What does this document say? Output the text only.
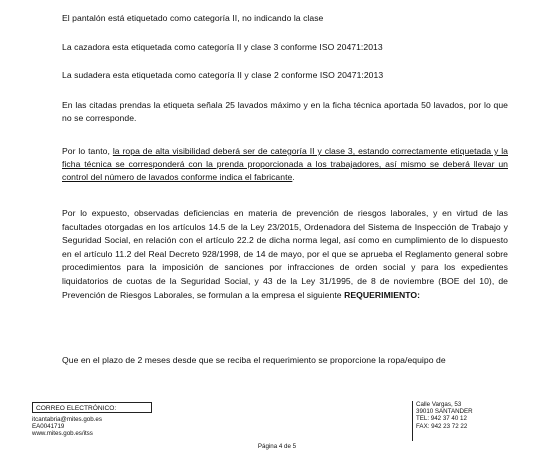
El pantalón está etiquetado como categoría II, no indicando la clase

La cazadora esta etiquetada como categoría II y clase 3 conforme ISO 20471:2013

La sudadera esta etiquetada como categoría II y clase 2 conforme ISO 20471:2013

En las citadas prendas la etiqueta señala 25 lavados máximo y en la ficha técnica aportada 50 lavados, por lo que no se corresponde.

Por lo tanto, la ropa de alta visibilidad deberá ser de categoría II y clase 3, estando correctamente etiquetada y la ficha técnica se corresponderá con la prenda proporcionada a los trabajadores, así mismo se deberá llevar un control del número de lavados conforme indica el fabricante.

Por lo expuesto, observadas deficiencias en materia de prevención de riesgos laborales, y en virtud de las facultades otorgadas en los artículos 14.5 de la Ley 23/2015, Ordenadora del Sistema de Inspección de Trabajo y Seguridad Social, en relación con el artículo 22.2 de dicha norma legal, así como en cumplimiento de lo dispuesto en el artículo 11.2 del Real Decreto 928/1998, de 14 de mayo, por el que se aprueba el Reglamento general sobre procedimientos para la imposición de sanciones por infracciones de orden social y para los expedientes liquidatorios de cuotas de la Seguridad Social, y 43 de la Ley 31/1995, de 8 de noviembre (BOE del 10), de Prevención de Riesgos Laborales, se formulan a la empresa el siguiente REQUERIMIENTO:

Que en el plazo de 2 meses desde que se reciba el requerimiento se proporcione la ropa/equipo de

CORREO ELECTRÓNICO:
itcantabria@mites.gob.es
EA0041719
www.mites.gob.es/itss
Calle Vargas, 53
39010 SANTANDER
TEL: 942 37 40 12
FAX: 942 23 72 22
Página 4 de 5
